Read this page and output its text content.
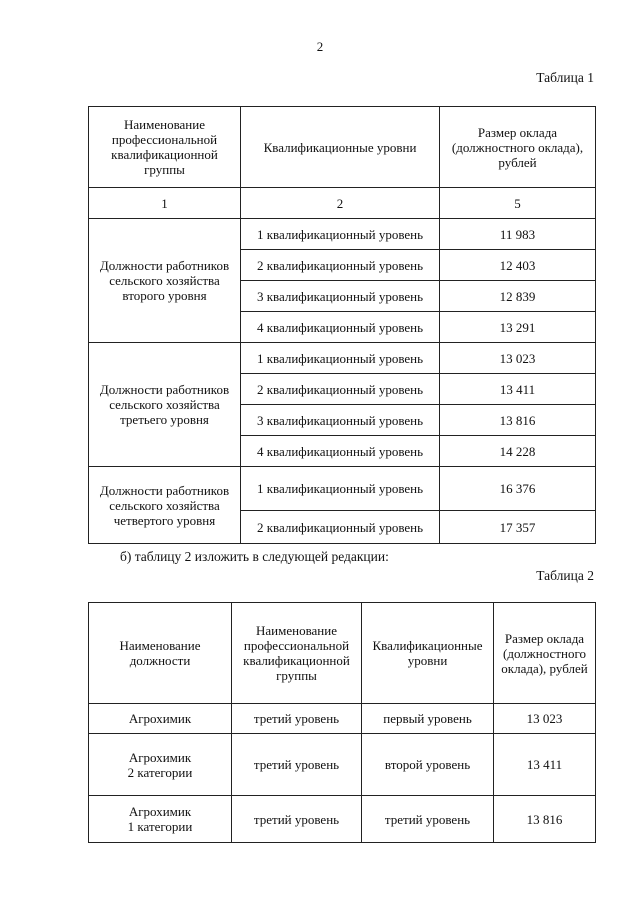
2
Таблица 1
Наименование профессиональной квалификационной группы	Квалификационные уровни	Размер оклада (должностного оклада), рублей
1	2	5
Должности работников сельского хозяйства второго уровня	1 квалификационный уровень	11 983
	2 квалификационный уровень	12 403
	3 квалификационный уровень	12 839
	4 квалификационный уровень	13 291
Должности работников сельского хозяйства третьего уровня	1 квалификационный уровень	13 023
	2 квалификационный уровень	13 411
	3 квалификационный уровень	13 816
	4 квалификационный уровень	14 228
Должности работников сельского хозяйства четвертого уровня	1 квалификационный уровень	16 376
	2 квалификационный уровень	17 357
б) таблицу 2 изложить в следующей редакции:
Таблица 2
Наименование должности	Наименование профессиональной квалификационной группы	Квалификационные уровни	Размер оклада (должностного оклада), рублей
Агрохимик	третий уровень	первый уровень	13 023
Агрохимик
2 категории	третий уровень	второй уровень	13 411
Агрохимик
1 категории	третий уровень	третий уровень	13 816
